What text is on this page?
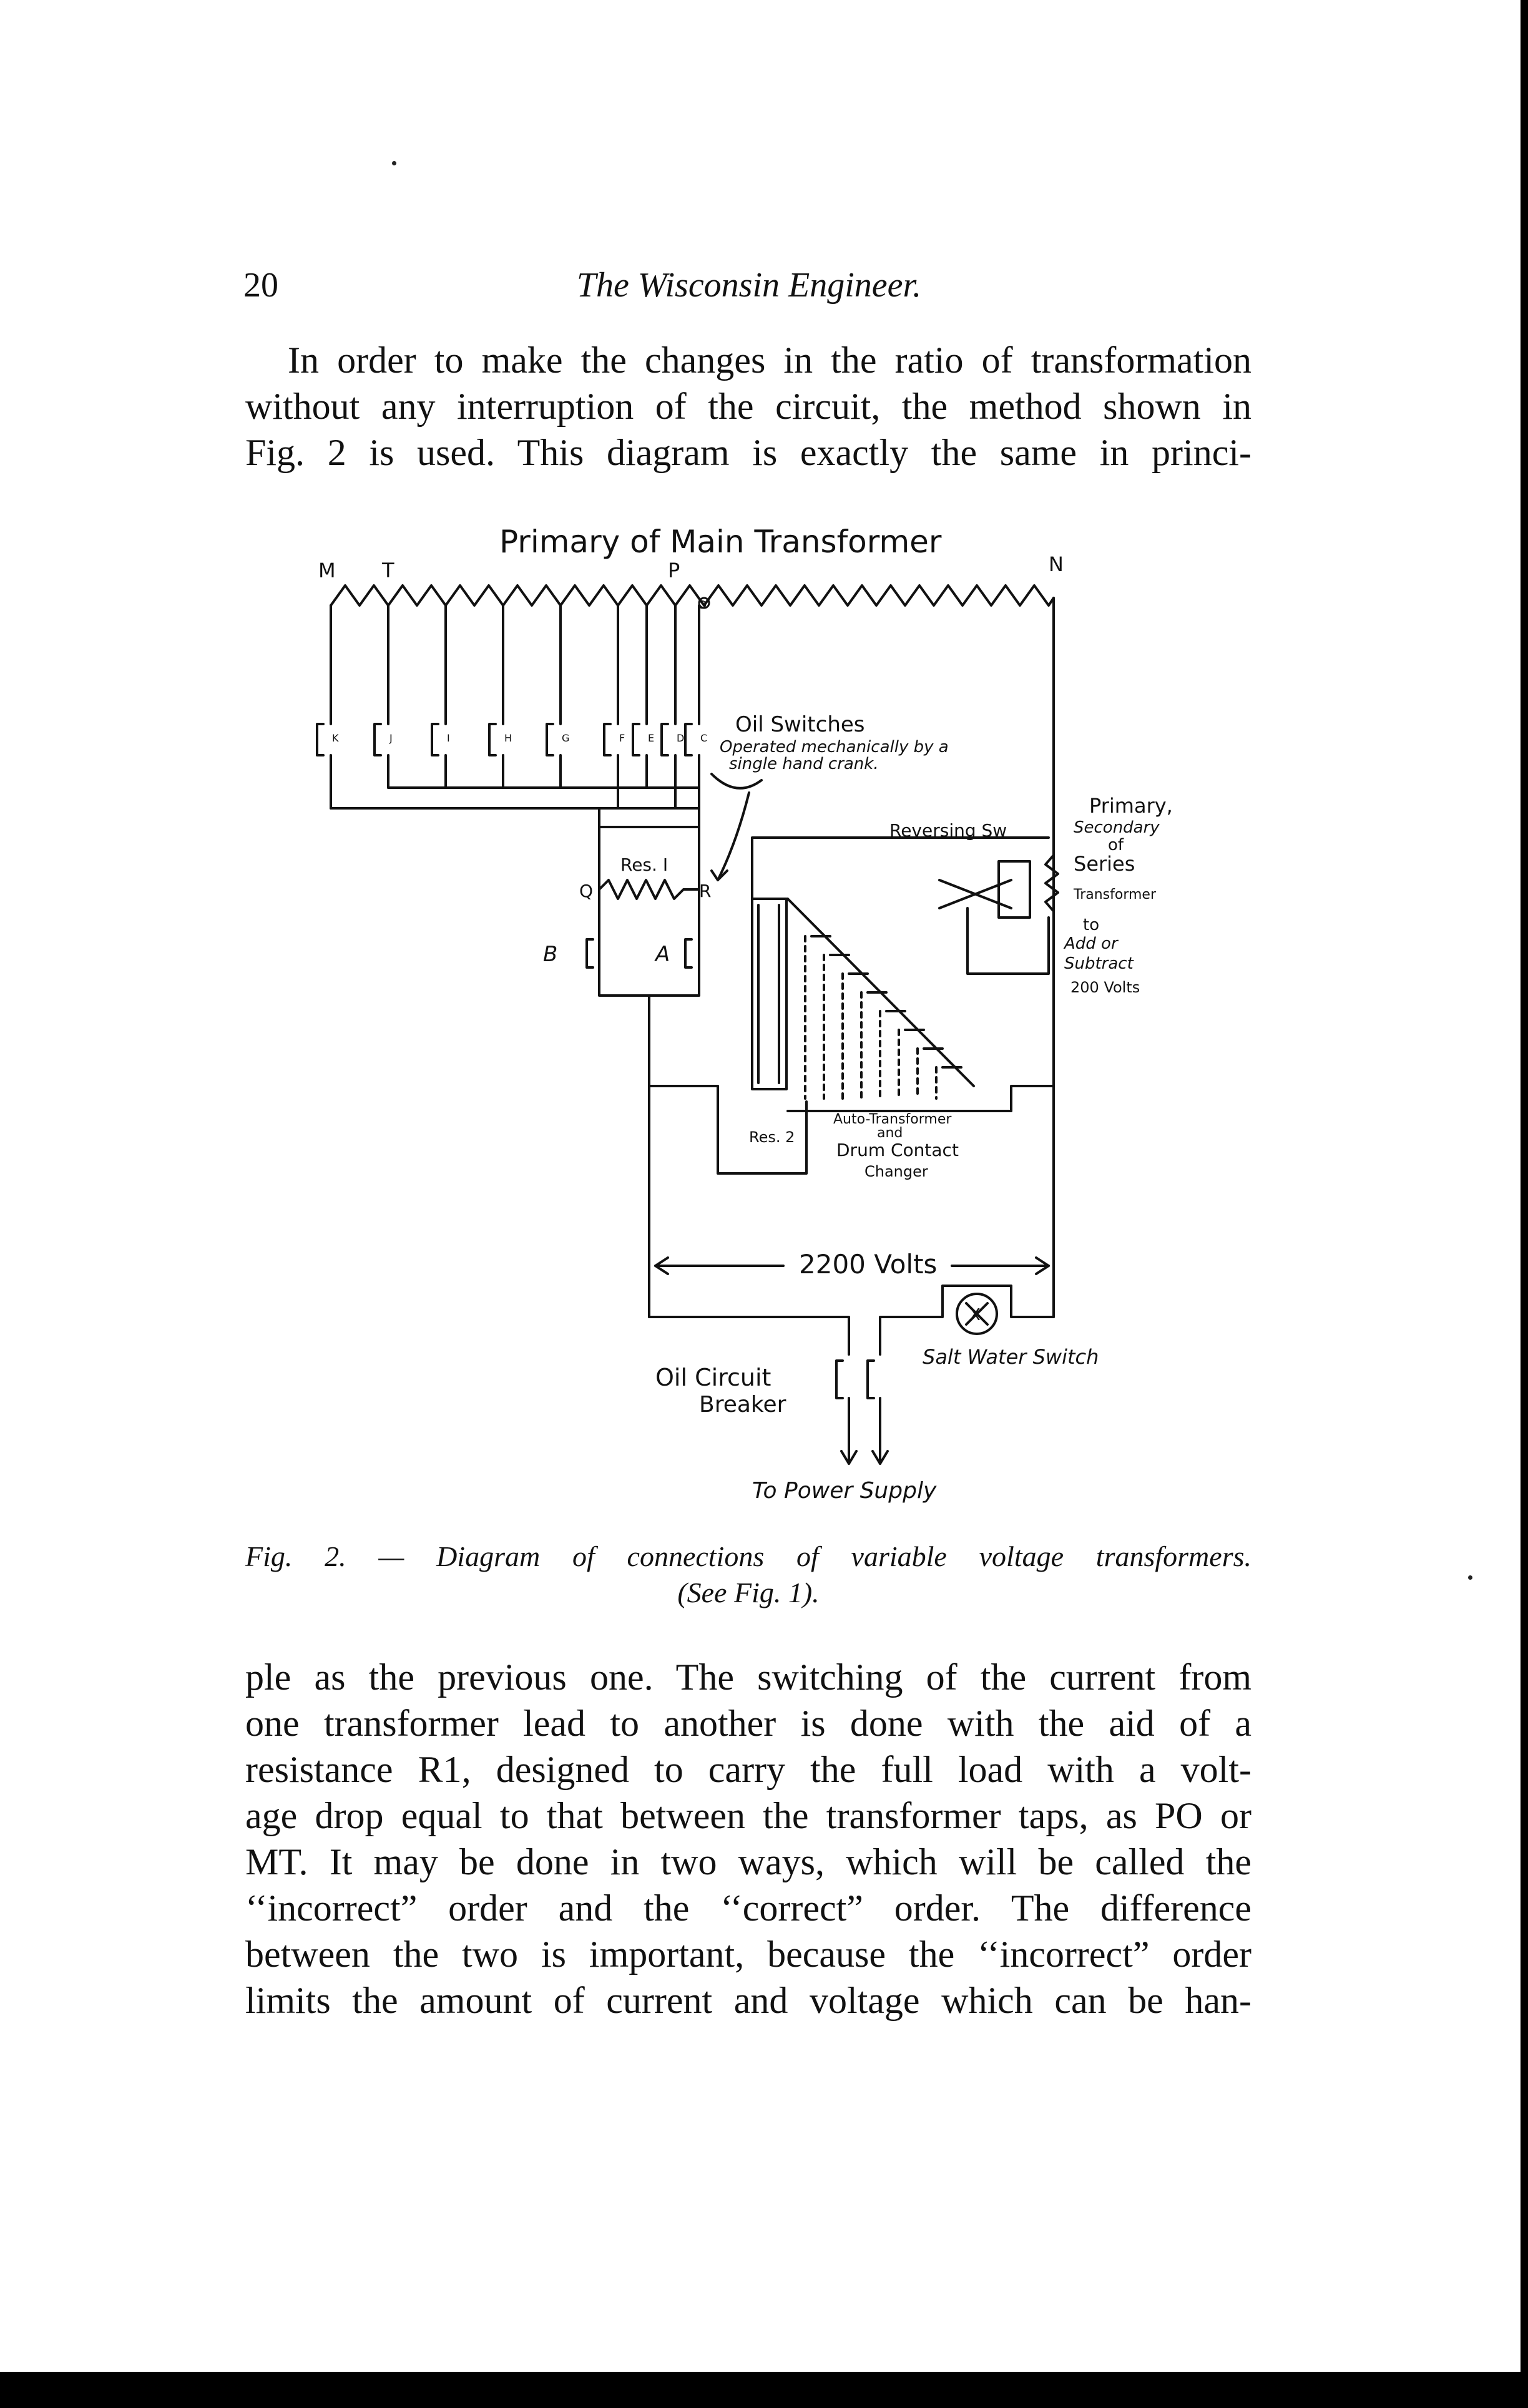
20	The Wisconsin Engineer.
In order to make the changes in the ratio of transformation
without any interruption of the circuit, the method shown in
Fig. 2 is used. This diagram is exactly the same in princi-
Primary of Main Transformer
M T	P
O
N
K	J	I	H	G	F E D C
Oil Switches
Operated mechanically by a
single hand crank.
Res. I
Q	R
B	A
Reversing Sw
Primary,
Secondary
of
Series
Transformer
to
Add or
Subtract
200 Volts
Res. 2
Auto-Transformer
and
Drum Contact
Changer
2200 Volts
X
Salt Water Switch
Oil Circuit
Breaker
To Power Supply
Fig. 2. — Diagram of connections of variable voltage transformers.
(See Fig. 1).
ple as the previous one. The switching of the current from
one transformer lead to another is done with the aid of a
resistance R1, designed to carry the full load with a volt-
age drop equal to that between the transformer taps, as PO or
MT. It may be done in two ways, which will be called the
‘‘incorrect” order and the ‘‘correct” order. The difference
between the two is important, because the ‘‘incorrect” order
limits the amount of current and voltage which can be han-
